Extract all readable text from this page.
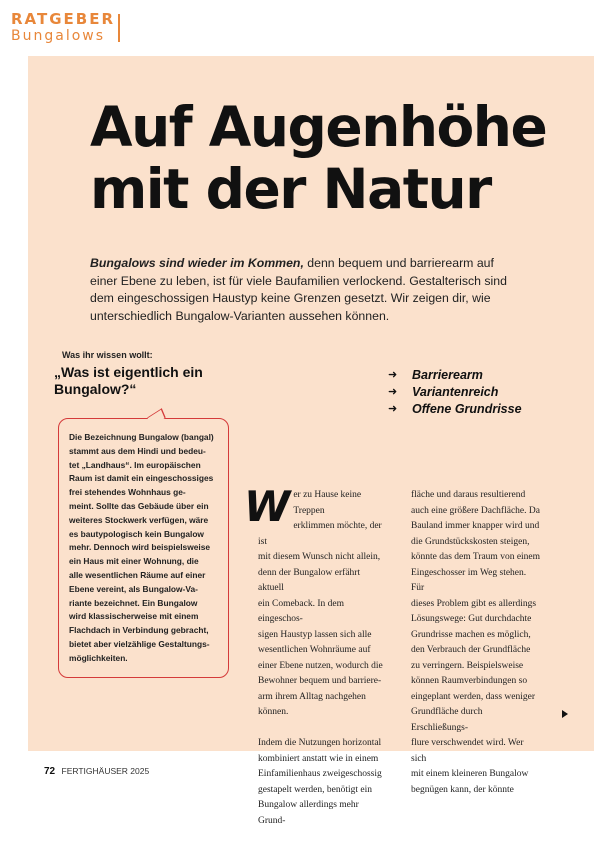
RATGEBER
Bungalows
Auf Augenhöhe
mit der Natur
Bungalows sind wieder im Kommen, denn bequem und barrierearm auf einer Ebene zu leben, ist für viele Baufamilien verlockend. Gestalterisch sind dem eingeschossigen Haustyp keine Grenzen gesetzt. Wir zeigen dir, wie unterschiedlich Bungalow-Varianten aussehen können.
Was ihr wissen wollt:
„Was ist eigentlich ein
Bungalow?“
➜	Barrierearm
➜	Variantenreich
➜	Offene Grundrisse
Die Bezeichnung Bungalow (bangal)
stammt aus dem Hindi und bedeu-
tet „Landhaus“. Im europäischen
Raum ist damit ein eingeschossiges
frei stehendes Wohnhaus ge-
meint. Sollte das Gebäude über ein
weiteres Stockwerk verfügen, wäre
es bautypologisch kein Bungalow
mehr. Dennoch wird beispielsweise
ein Haus mit einer Wohnung, die
alle wesentlichen Räume auf einer
Ebene vereint, als Bungalow-Va-
riante bezeichnet. Ein Bungalow
wird klassischerweise mit einem
Flachdach in Verbindung gebracht,
bietet aber vielzählige Gestaltungs-
möglichkeiten.

W er zu Hause keine Treppen
erklimmen möchte, der ist
mit diesem Wunsch nicht allein,
denn der Bungalow erfährt aktuell
ein Comeback. In dem eingeschos-
sigen Haustyp lassen sich alle
wesentlichen Wohnräume auf
einer Ebene nutzen, wodurch die
Bewohner bequem und barriere-
arm ihrem Alltag nachgehen
können.

Indem die Nutzungen horizontal
kombiniert anstatt wie in einem
Einfamilienhaus zweigeschossig
gestapelt werden, benötigt ein
Bungalow allerdings mehr Grund-

fläche und daraus resultierend
auch eine größere Dachfläche. Da
Bauland immer knapper wird und
die Grundstückskosten steigen,
könnte das dem Traum von einem
Eingeschosser im Weg stehen. Für
dieses Problem gibt es allerdings
Lösungswege: Gut durchdachte
Grundrisse machen es möglich,
den Verbrauch der Grundfläche
zu verringern. Beispielsweise
können Raumverbindungen so
eingeplant werden, dass weniger
Grundfläche durch Erschließungs-
flure verschwendet wird. Wer sich
mit einem kleineren Bungalow
begnügen kann, der könnte

72 FERTIGHÄUSER 2025
